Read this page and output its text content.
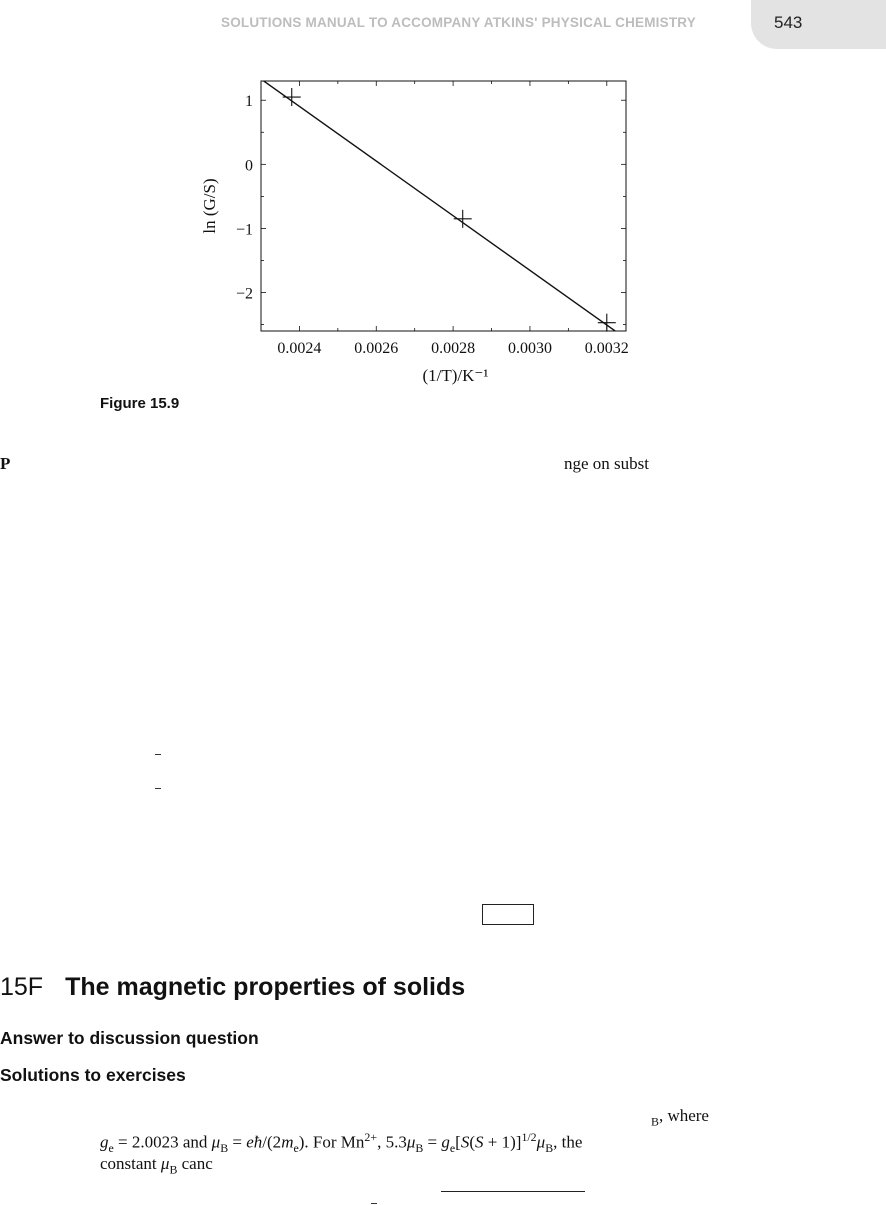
SOLUTIONS MANUAL TO ACCOMPANY ATKINS' PHYSICAL CHEMISTRY	543
0.0024 0.0026 0.0028 0.0030 0.0032
1
0
−1
−2
(1/T)/K⁻¹
ln (G/S)
Figure 15.9
P	nge on subst
15F The magnetic properties of solids
Answer to discussion question
Solutions to exercises
$_B$, where
$g_e = 2.0023$ and $\mu_B$ = $eħ/(2m_e)$. For $Mn^{2+}$, $5.3\mu_B = g_e[S(S + 1)]^{1/2}\mu_B$, the
constant $\mu_B$ canc
